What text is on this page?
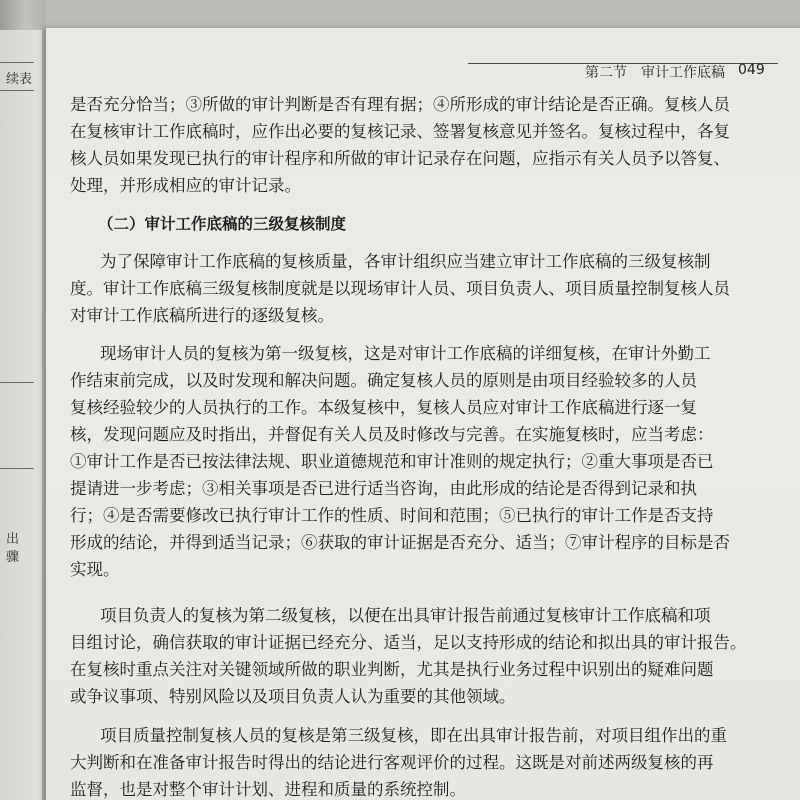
续表
出
骤
第二节　审计工作底稿 049
是否充分恰当；③所做的审计判断是否有理有据；④所形成的审计结论是否正确。复核人员
在复核审计工作底稿时，应作出必要的复核记录、签署复核意见并签名。复核过程中，各复
核人员如果发现已执行的审计程序和所做的审计记录存在问题，应指示有关人员予以答复、
处理，并形成相应的审计记录。
（二）审计工作底稿的三级复核制度
为了保障审计工作底稿的复核质量，各审计组织应当建立审计工作底稿的三级复核制
度。审计工作底稿三级复核制度就是以现场审计人员、项目负责人、项目质量控制复核人员
对审计工作底稿所进行的逐级复核。
现场审计人员的复核为第一级复核，这是对审计工作底稿的详细复核，在审计外勤工
作结束前完成，以及时发现和解决问题。确定复核人员的原则是由项目经验较多的人员
复核经验较少的人员执行的工作。本级复核中，复核人员应对审计工作底稿进行逐一复
核，发现问题应及时指出，并督促有关人员及时修改与完善。在实施复核时，应当考虑：
①审计工作是否已按法律法规、职业道德规范和审计准则的规定执行；②重大事项是否已
提请进一步考虑；③相关事项是否已进行适当咨询，由此形成的结论是否得到记录和执
行；④是否需要修改已执行审计工作的性质、时间和范围；⑤已执行的审计工作是否支持
形成的结论，并得到适当记录；⑥获取的审计证据是否充分、适当；⑦审计程序的目标是否
实现。
项目负责人的复核为第二级复核，以便在出具审计报告前通过复核审计工作底稿和项
目组讨论，确信获取的审计证据已经充分、适当，足以支持形成的结论和拟出具的审计报告。
在复核时重点关注对关键领域所做的职业判断，尤其是执行业务过程中识别出的疑难问题
或争议事项、特别风险以及项目负责人认为重要的其他领域。
项目质量控制复核人员的复核是第三级复核，即在出具审计报告前，对项目组作出的重
大判断和在准备审计报告时得出的结论进行客观评价的过程。这既是对前述两级复核的再
监督，也是对整个审计计划、进程和质量的系统控制。
